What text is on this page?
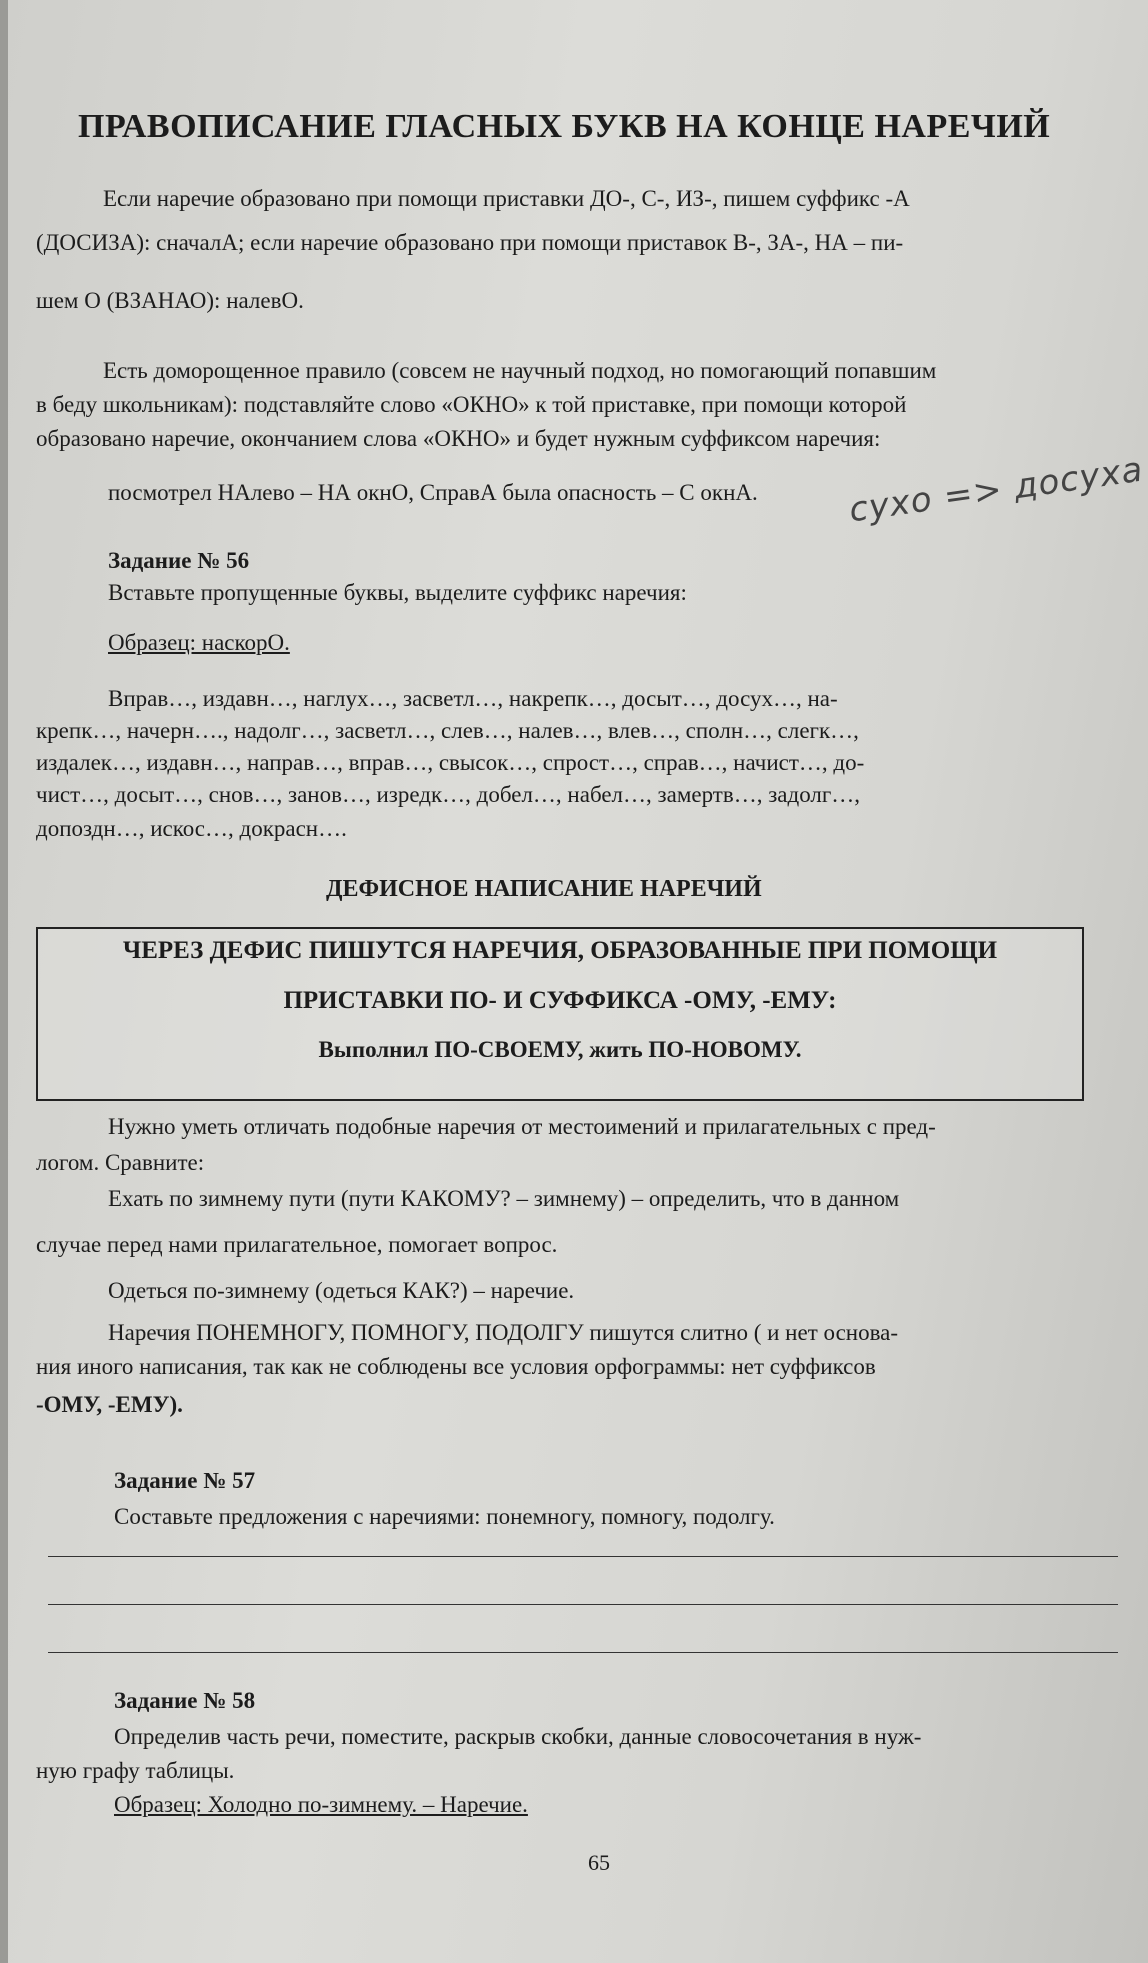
ПРАВОПИСАНИЕ ГЛАСНЫХ БУКВ НА КОНЦЕ НАРЕЧИЙ
Если наречие образовано при помощи приставки ДО-, С-, ИЗ-, пишем суффикс -А
(ДОСИЗА): сначалА; если наречие образовано при помощи приставок В-, ЗА-, НА – пи-
шем О (ВЗАНАО): налевО.
Есть доморощенное правило (совсем не научный подход, но помогающий попавшим
в беду школьникам): подставляйте слово «ОКНО» к той приставке, при помощи которой
образовано наречие, окончанием слова «ОКНО» и будет нужным суффиксом наречия:
посмотрел НАлево – НА окнО, СправА была опасность – С окнА.	сухо => досуха
Задание № 56
Вставьте пропущенные буквы, выделите суффикс наречия:
Образец: наскорО.
Вправ…, издавн…, наглух…, засветл…, накрепк…, досыт…, досух…, на-
крепк…, начерн…., надолг…, засветл…, слев…, налев…, влев…, сполн…, слегк…,
издалек…, издавн…, направ…, вправ…, свысок…, спрост…, справ…, начист…, до-
чист…, досыт…, снов…, занов…, изредк…, добел…, набел…, замертв…, задолг…,
допоздн…, искос…, докрасн….
ДЕФИСНОЕ НАПИСАНИЕ НАРЕЧИЙ
ЧЕРЕЗ ДЕФИС ПИШУТСЯ НАРЕЧИЯ, ОБРАЗОВАННЫЕ ПРИ ПОМОЩИ
ПРИСТАВКИ ПО- И СУФФИКСА -ОМУ, -ЕМУ:
Выполнил ПО-СВОЕМУ, жить ПО-НОВОМУ.
Нужно уметь отличать подобные наречия от местоимений и прилагательных с пред-
логом. Сравните:
Ехать по зимнему пути (пути КАКОМУ? – зимнему) – определить, что в данном
случае перед нами прилагательное, помогает вопрос.
Одеться по-зимнему (одеться КАК?) – наречие.
Наречия ПОНЕМНОГУ, ПОМНОГУ, ПОДОЛГУ пишутся слитно ( и нет основа-
ния иного написания, так как не соблюдены все условия орфограммы: нет суффиксов
-ОМУ, -ЕМУ).
Задание № 57
Составьте предложения с наречиями: понемногу, помногу, подолгу.
Задание № 58
Определив часть речи, поместите, раскрыв скобки, данные словосочетания в нуж-
ную графу таблицы.
Образец: Холодно по-зимнему. – Наречие.
65
